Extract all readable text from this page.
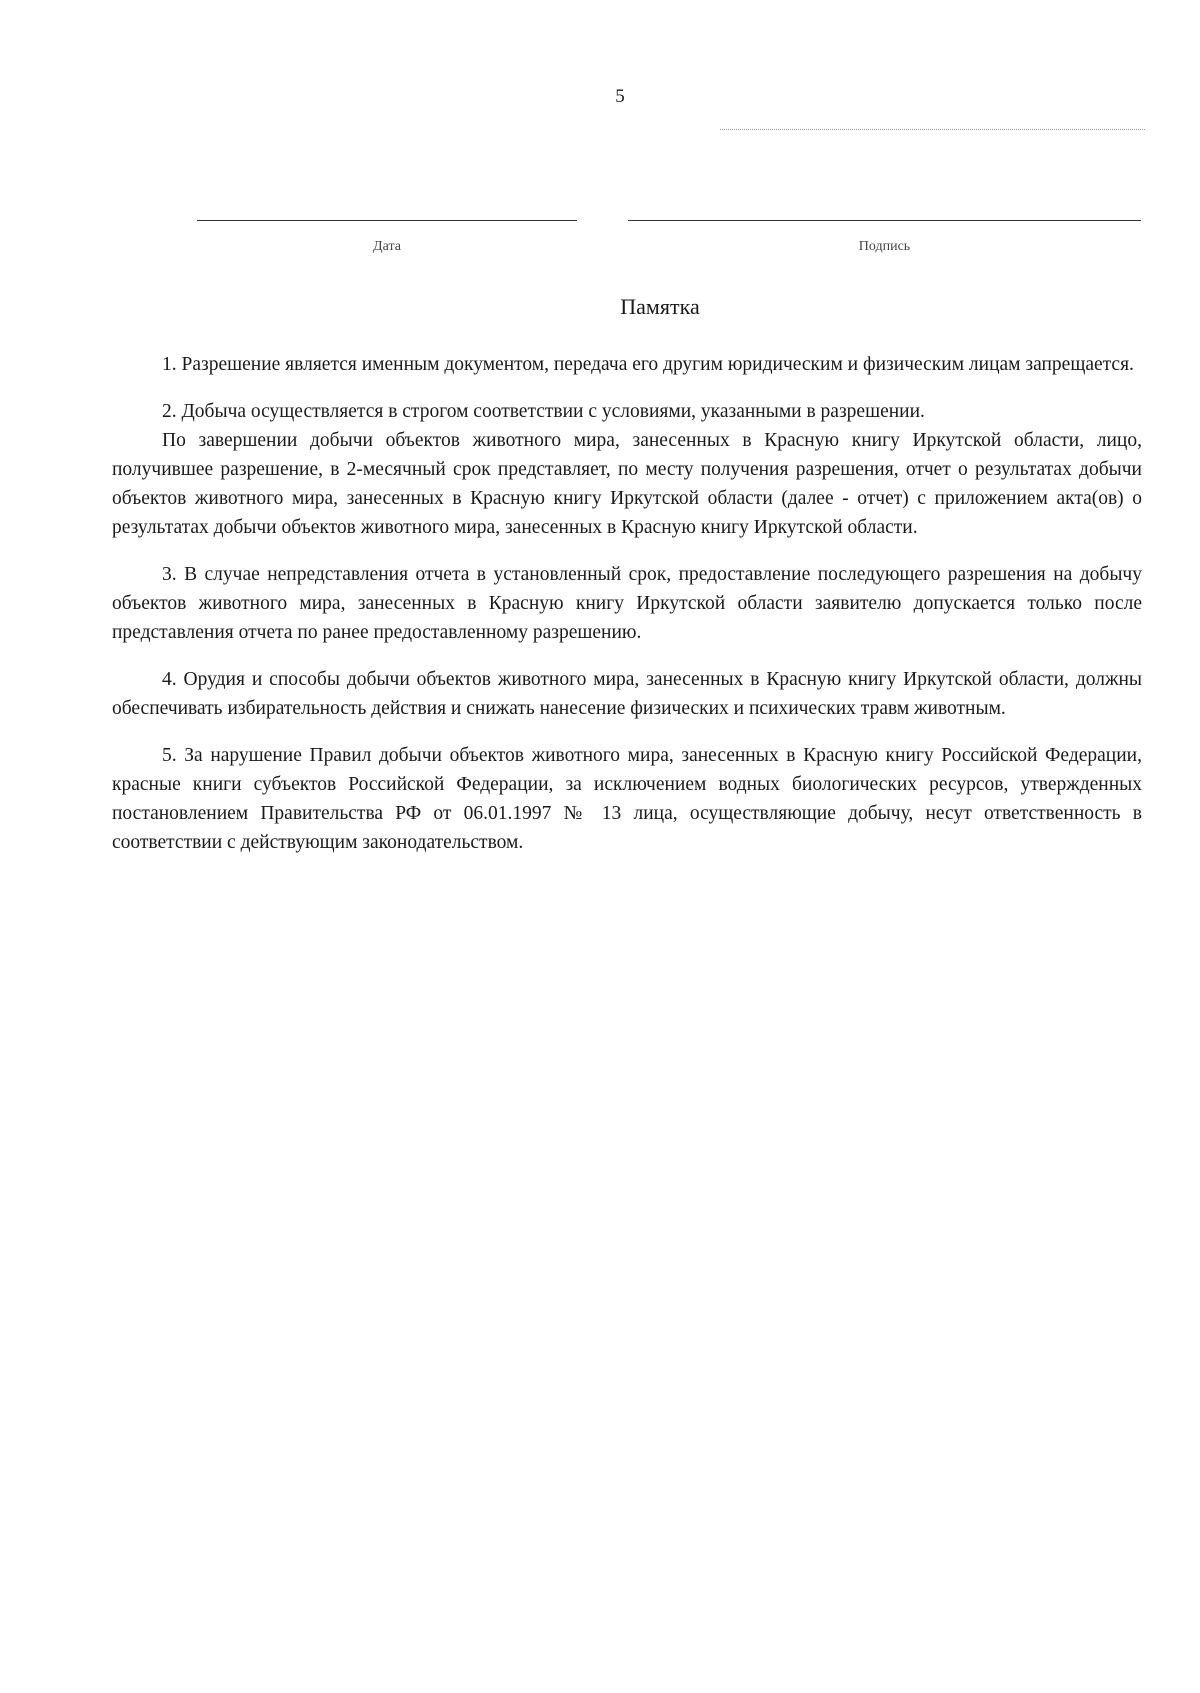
5
Дата	Подпись
Памятка

1. Разрешение является именным документом, передача его другим юридическим и физическим лицам запрещается.

2. Добыча осуществляется в строгом соответствии с условиями, указанными в разрешении.

По завершении добычи объектов животного мира, занесенных в Красную книгу Иркутской области, лицо, получившее разрешение, в 2-месячный срок представляет, по месту получения разрешения, отчет о результатах добычи объектов животного мира, занесенных в Красную книгу Иркутской области (далее - отчет) с приложением акта(ов) о результатах добычи объектов животного мира, занесенных в Красную книгу Иркутской области.

3. В случае непредставления отчета в установленный срок, предоставление последующего разрешения на добычу объектов животного мира, занесенных в Красную книгу Иркутской области заявителю допускается только после представления отчета по ранее предоставленному разрешению.

4. Орудия и способы добычи объектов животного мира, занесенных в Красную книгу Иркутской области, должны обеспечивать избирательность действия и снижать нанесение физических и психических травм животным.

5. За нарушение Правил добычи объектов животного мира, занесенных в Красную книгу Российской Федерации, красные книги субъектов Российской Федерации, за исключением водных биологических ресурсов, утвержденных постановлением Правительства РФ от 06.01.1997 № 13 лица, осуществляющие добычу, несут ответственность в соответствии с действующим законодательством.
